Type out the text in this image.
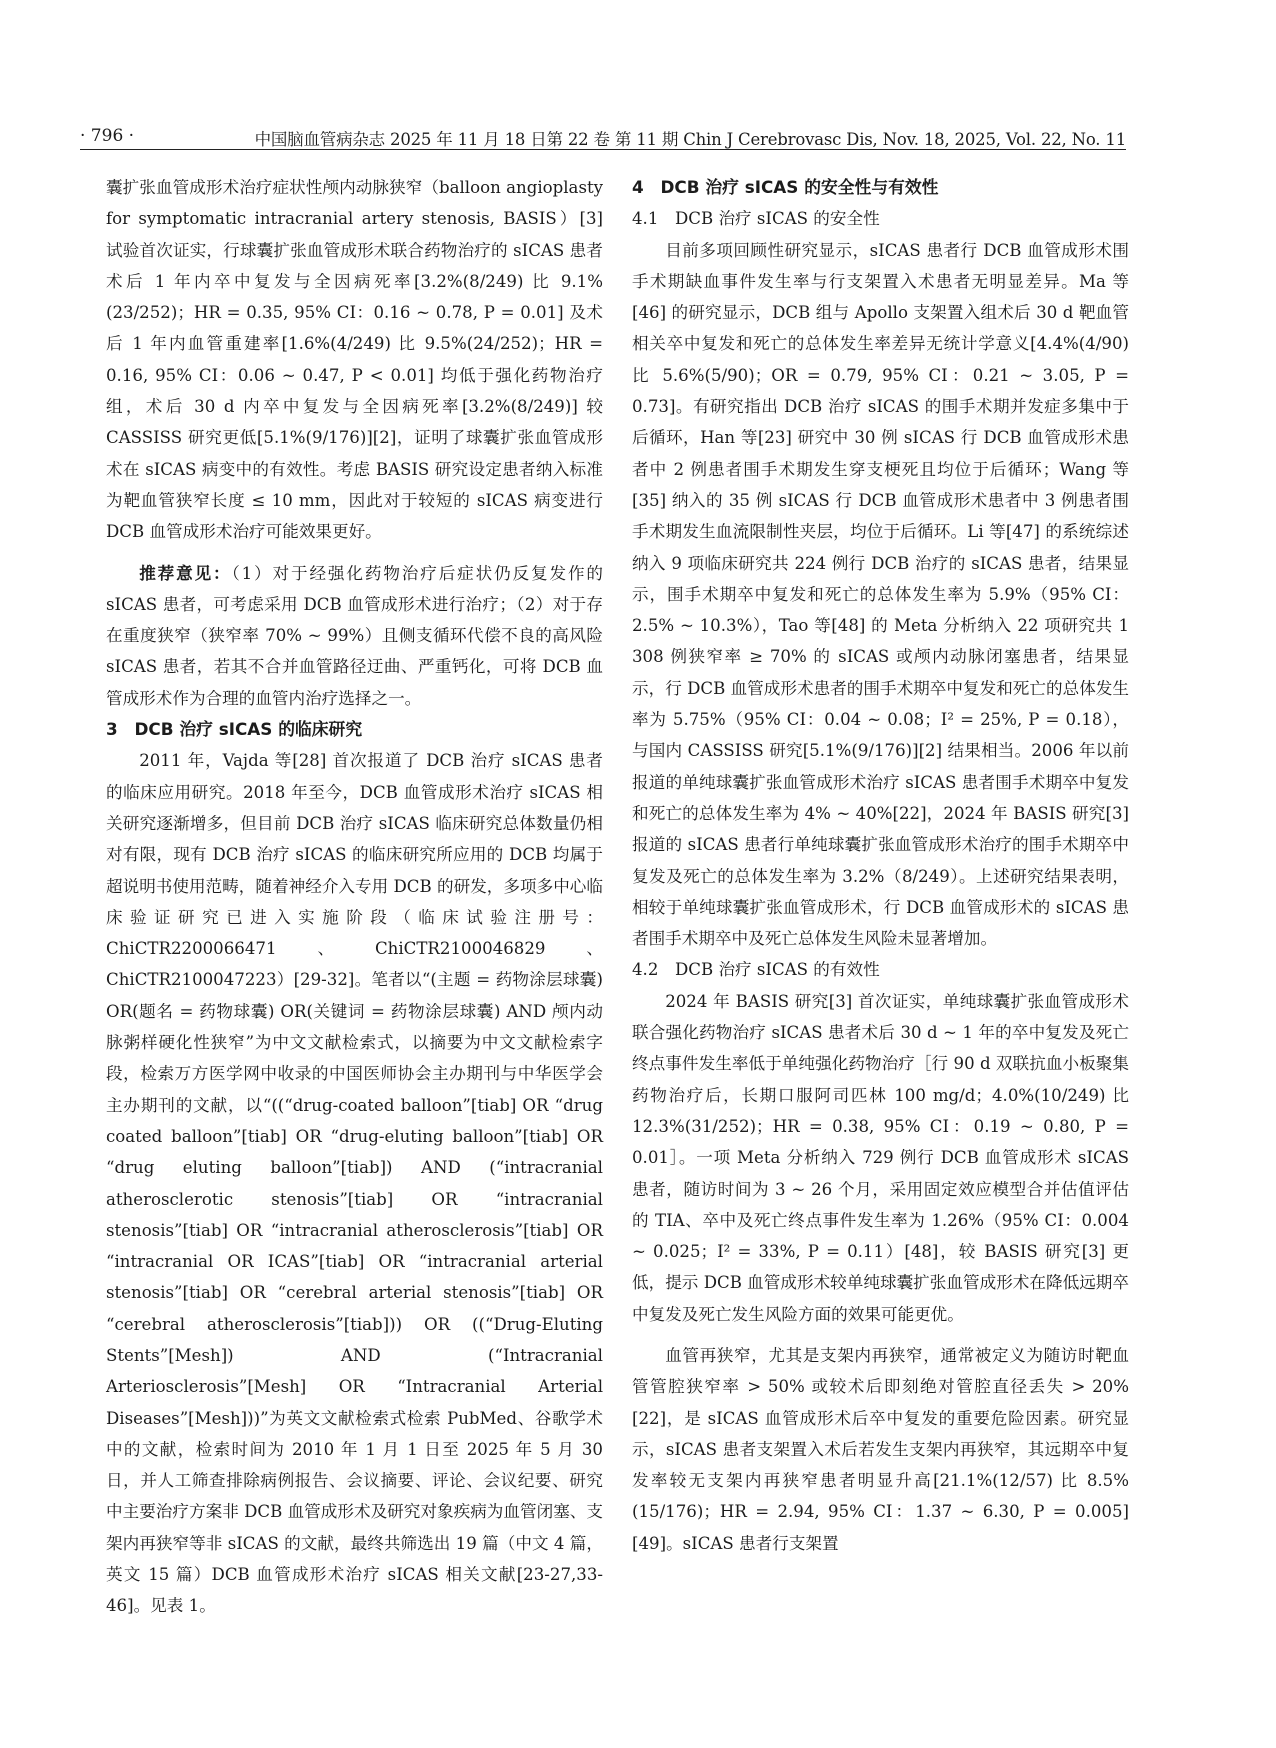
· 796 ·	中国脑血管病杂志 2025 年 11 月 18 日第 22 卷 第 11 期 Chin J Cerebrovasc Dis, Nov. 18, 2025, Vol. 22, No. 11

囊扩张血管成形术治疗症状性颅内动脉狭窄（balloon angioplasty for symptomatic intracranial artery stenosis, BASIS）[3] 试验首次证实，行球囊扩张血管成形术联合药物治疗的 sICAS 患者术后 1 年内卒中复发与全因病死率[3.2%(8/249) 比 9.1%(23/252)；HR = 0.35, 95% CI：0.16 ~ 0.78, P = 0.01] 及术后 1 年内血管重建率[1.6%(4/249) 比 9.5%(24/252)；HR = 0.16, 95% CI：0.06 ~ 0.47, P < 0.01] 均低于强化药物治疗组，术后 30 d 内卒中复发与全因病死率[3.2%(8/249)] 较 CASSISS 研究更低[5.1%(9/176)][2]，证明了球囊扩张血管成形术在 sICAS 病变中的有效性。考虑 BASIS 研究设定患者纳入标准为靶血管狭窄长度 ≤ 10 mm，因此对于较短的 sICAS 病变进行 DCB 血管成形术治疗可能效果更好。

推荐意见：（1）对于经强化药物治疗后症状仍反复发作的 sICAS 患者，可考虑采用 DCB 血管成形术进行治疗；（2）对于存在重度狭窄（狭窄率 70% ~ 99%）且侧支循环代偿不良的高风险 sICAS 患者，若其不合并血管路径迂曲、严重钙化，可将 DCB 血管成形术作为合理的血管内治疗选择之一。

3　DCB 治疗 sICAS 的临床研究

2011 年，Vajda 等[28] 首次报道了 DCB 治疗 sICAS 患者的临床应用研究。2018 年至今，DCB 血管成形术治疗 sICAS 相关研究逐渐增多，但目前 DCB 治疗 sICAS 临床研究总体数量仍相对有限，现有 DCB 治疗 sICAS 的临床研究所应用的 DCB 均属于超说明书使用范畴，随着神经介入专用 DCB 的研发，多项多中心临床验证研究已进入实施阶段（临床试验注册号：ChiCTR2200066471、ChiCTR2100046829、ChiCTR2100047223）[29-32]。笔者以“(主题 = 药物涂层球囊) OR(题名 = 药物球囊) OR(关键词 = 药物涂层球囊) AND 颅内动脉粥样硬化性狭窄”为中文文献检索式，以摘要为中文文献检索字段，检索万方医学网中收录的中国医师协会主办期刊与中华医学会主办期刊的文献，以“((“drug-coated balloon”[tiab] OR “drug coated balloon”[tiab] OR “drug-eluting balloon”[tiab] OR “drug eluting balloon”[tiab]) AND (“intracranial atherosclerotic stenosis”[tiab] OR “intracranial stenosis”[tiab] OR “intracranial atherosclerosis”[tiab] OR “intracranial OR ICAS”[tiab] OR “intracranial arterial stenosis”[tiab] OR “cerebral arterial stenosis”[tiab] OR “cerebral atherosclerosis”[tiab])) OR ((“Drug-Eluting Stents”[Mesh]) AND (“Intracranial Arteriosclerosis”[Mesh] OR “Intracranial Arterial Diseases”[Mesh]))”为英文文献检索式检索 PubMed、谷歌学术中的文献，检索时间为 2010 年 1 月 1 日至 2025 年 5 月 30 日，并人工筛查排除病例报告、会议摘要、评论、会议纪要、研究中主要治疗方案非 DCB 血管成形术及研究对象疾病为血管闭塞、支架内再狭窄等非 sICAS 的文献，最终共筛选出 19 篇（中文 4 篇，英文 15 篇）DCB 血管成形术治疗 sICAS 相关文献[23-27,33-46]。见表 1。

4　DCB 治疗 sICAS 的安全性与有效性
4.1　DCB 治疗 sICAS 的安全性

目前多项回顾性研究显示，sICAS 患者行 DCB 血管成形术围手术期缺血事件发生率与行支架置入术患者无明显差异。Ma 等[46] 的研究显示，DCB 组与 Apollo 支架置入组术后 30 d 靶血管相关卒中复发和死亡的总体发生率差异无统计学意义[4.4%(4/90) 比 5.6%(5/90)；OR = 0.79, 95% CI：0.21 ~ 3.05, P = 0.73]。有研究指出 DCB 治疗 sICAS 的围手术期并发症多集中于后循环，Han 等[23] 研究中 30 例 sICAS 行 DCB 血管成形术患者中 2 例患者围手术期发生穿支梗死且均位于后循环；Wang 等[35] 纳入的 35 例 sICAS 行 DCB 血管成形术患者中 3 例患者围手术期发生血流限制性夹层，均位于后循环。Li 等[47] 的系统综述纳入 9 项临床研究共 224 例行 DCB 治疗的 sICAS 患者，结果显示，围手术期卒中复发和死亡的总体发生率为 5.9%（95% CI：2.5% ~ 10.3%），Tao 等[48] 的 Meta 分析纳入 22 项研究共 1 308 例狭窄率 ≥ 70% 的 sICAS 或颅内动脉闭塞患者，结果显示，行 DCB 血管成形术患者的围手术期卒中复发和死亡的总体发生率为 5.75%（95% CI：0.04 ~ 0.08；I² = 25%, P = 0.18），与国内 CASSISS 研究[5.1%(9/176)][2] 结果相当。2006 年以前报道的单纯球囊扩张血管成形术治疗 sICAS 患者围手术期卒中复发和死亡的总体发生率为 4% ~ 40%[22]，2024 年 BASIS 研究[3] 报道的 sICAS 患者行单纯球囊扩张血管成形术治疗的围手术期卒中复发及死亡的总体发生率为 3.2%（8/249）。上述研究结果表明，相较于单纯球囊扩张血管成形术，行 DCB 血管成形术的 sICAS 患者围手术期卒中及死亡总体发生风险未显著增加。

4.2　DCB 治疗 sICAS 的有效性

2024 年 BASIS 研究[3] 首次证实，单纯球囊扩张血管成形术联合强化药物治疗 sICAS 患者术后 30 d ~ 1 年的卒中复发及死亡终点事件发生率低于单纯强化药物治疗［行 90 d 双联抗血小板聚集药物治疗后，长期口服阿司匹林 100 mg/d；4.0%(10/249) 比 12.3%(31/252)；HR = 0.38, 95% CI：0.19 ~ 0.80, P = 0.01］。一项 Meta 分析纳入 729 例行 DCB 血管成形术 sICAS 患者，随访时间为 3 ~ 26 个月，采用固定效应模型合并估值评估的 TIA、卒中及死亡终点事件发生率为 1.26%（95% CI：0.004 ~ 0.025；I² = 33%, P = 0.11）[48]，较 BASIS 研究[3] 更低，提示 DCB 血管成形术较单纯球囊扩张血管成形术在降低远期卒中复发及死亡发生风险方面的效果可能更优。

血管再狭窄，尤其是支架内再狭窄，通常被定义为随访时靶血管管腔狭窄率 > 50% 或较术后即刻绝对管腔直径丢失 > 20%[22]，是 sICAS 血管成形术后卒中复发的重要危险因素。研究显示，sICAS 患者支架置入术后若发生支架内再狭窄，其远期卒中复发率较无支架内再狭窄患者明显升高[21.1%(12/57) 比 8.5%(15/176)；HR = 2.94, 95% CI：1.37 ~ 6.30, P = 0.005][49]。sICAS 患者行支架置
